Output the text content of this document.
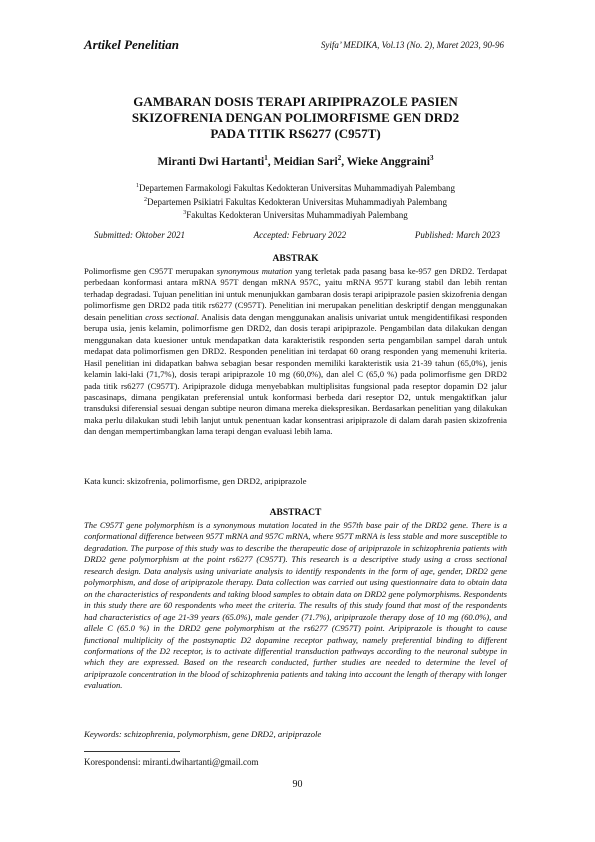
Artikel Penelitian	Syifa’ MEDIKA, Vol.13 (No. 2), Maret 2023, 90-96
GAMBARAN DOSIS TERAPI ARIPIPRAZOLE PASIEN
SKIZOFRENIA DENGAN POLIMORFISME GEN DRD2
PADA TITIK RS6277 (C957T)
Miranti Dwi Hartanti$^1$, Meidian Sari$^2$, Wieke Anggraini$^3$
$^1$Departemen Farmakologi Fakultas Kedokteran Universitas Muhammadiyah Palembang
$^2$Departemen Psikiatri Fakultas Kedokteran Universitas Muhammadiyah Palembang
$^3$Fakultas Kedokteran Universitas Muhammadiyah Palembang
Submitted: Oktober 2021	Accepted: February 2022	Published: March 2023
ABSTRAK
Polimorfisme gen C957T merupakan synonymous mutation yang terletak pada pasang basa ke-957 gen DRD2. Terdapat perbedaan konformasi antara mRNA 957T dengan mRNA 957C, yaitu mRNA 957T kurang stabil dan lebih rentan terhadap degradasi. Tujuan penelitian ini untuk menunjukkan gambaran dosis terapi aripiprazole pasien skizofrenia dengan polimorfisme gen DRD2 pada titik rs6277 (C957T). Penelitian ini merupakan penelitian deskriptif dengan menggunakan desain penelitian cross sectional. Analisis data dengan menggunakan analisis univariat untuk mengidentifikasi responden berupa usia, jenis kelamin, polimorfisme gen DRD2, dan dosis terapi aripiprazole. Pengambilan data dilakukan dengan menggunakan data kuesioner untuk mendapatkan data karakteristik responden serta pengambilan sampel darah untuk medapat data polimorfismen gen DRD2. Responden penelitian ini terdapat 60 orang responden yang memenuhi kriteria. Hasil penelitian ini didapatkan bahwa sebagian besar responden memiliki karakteristik usia 21-39 tahun (65,0%), jenis kelamin laki-laki (71,7%), dosis terapi aripiprazole 10 mg (60,0%), dan alel C (65,0 %) pada polimorfisme gen DRD2 pada titik rs6277 (C957T). Aripiprazole diduga menyebabkan multiplisitas fungsional pada reseptor dopamin D2 jalur pascasinaps, dimana pengikatan preferensial untuk konformasi berbeda dari reseptor D2, untuk mengaktifkan jalur transduksi diferensial sesuai dengan subtipe neuron dimana mereka diekspresikan. Berdasarkan penelitian yang dilakukan maka perlu dilakukan studi lebih lanjut untuk penentuan kadar konsentrasi aripiprazole di dalam darah pasien skizofrenia dan dengan mempertimbangkan lama terapi dengan evaluasi lebih lama.
Kata kunci: skizofrenia, polimorfisme, gen DRD2, aripiprazole
ABSTRACT
The C957T gene polymorphism is a synonymous mutation located in the 957th base pair of the DRD2 gene. There is a conformational difference between 957T mRNA and 957C mRNA, where 957T mRNA is less stable and more susceptible to degradation. The purpose of this study was to describe the therapeutic dose of aripiprazole in schizophrenia patients with DRD2 gene polymorphism at the point rs6277 (C957T). This research is a descriptive study using a cross sectional research design. Data analysis using univariate analysis to identify respondents in the form of age, gender, DRD2 gene polymorphism, and dose of aripiprazole therapy. Data collection was carried out using questionnaire data to obtain data on the characteristics of respondents and taking blood samples to obtain data on DRD2 gene polymorphisms. Respondents in this study there are 60 respondents who meet the criteria. The results of this study found that most of the respondents had characteristics of age 21-39 years (65.0%), male gender (71.7%), aripiprazole therapy dose of 10 mg (60.0%), and allele C (65.0 %) in the DRD2 gene polymorphism at the rs6277 (C957T) point. Aripiprazole is thought to cause functional multiplicity of the postsynaptic D2 dopamine receptor pathway, namely preferential binding to different conformations of the D2 receptor, is to activate differential transduction pathways according to the neuronal subtype in which they are expressed. Based on the research conducted, further studies are needed to determine the level of aripiprazole concentration in the blood of schizophrenia patients and taking into account the length of therapy with longer evaluation.
Keywords: schizophrenia, polymorphism, gene DRD2, aripiprazole
Korespondensi: miranti.dwihartanti@gmail.com
90
